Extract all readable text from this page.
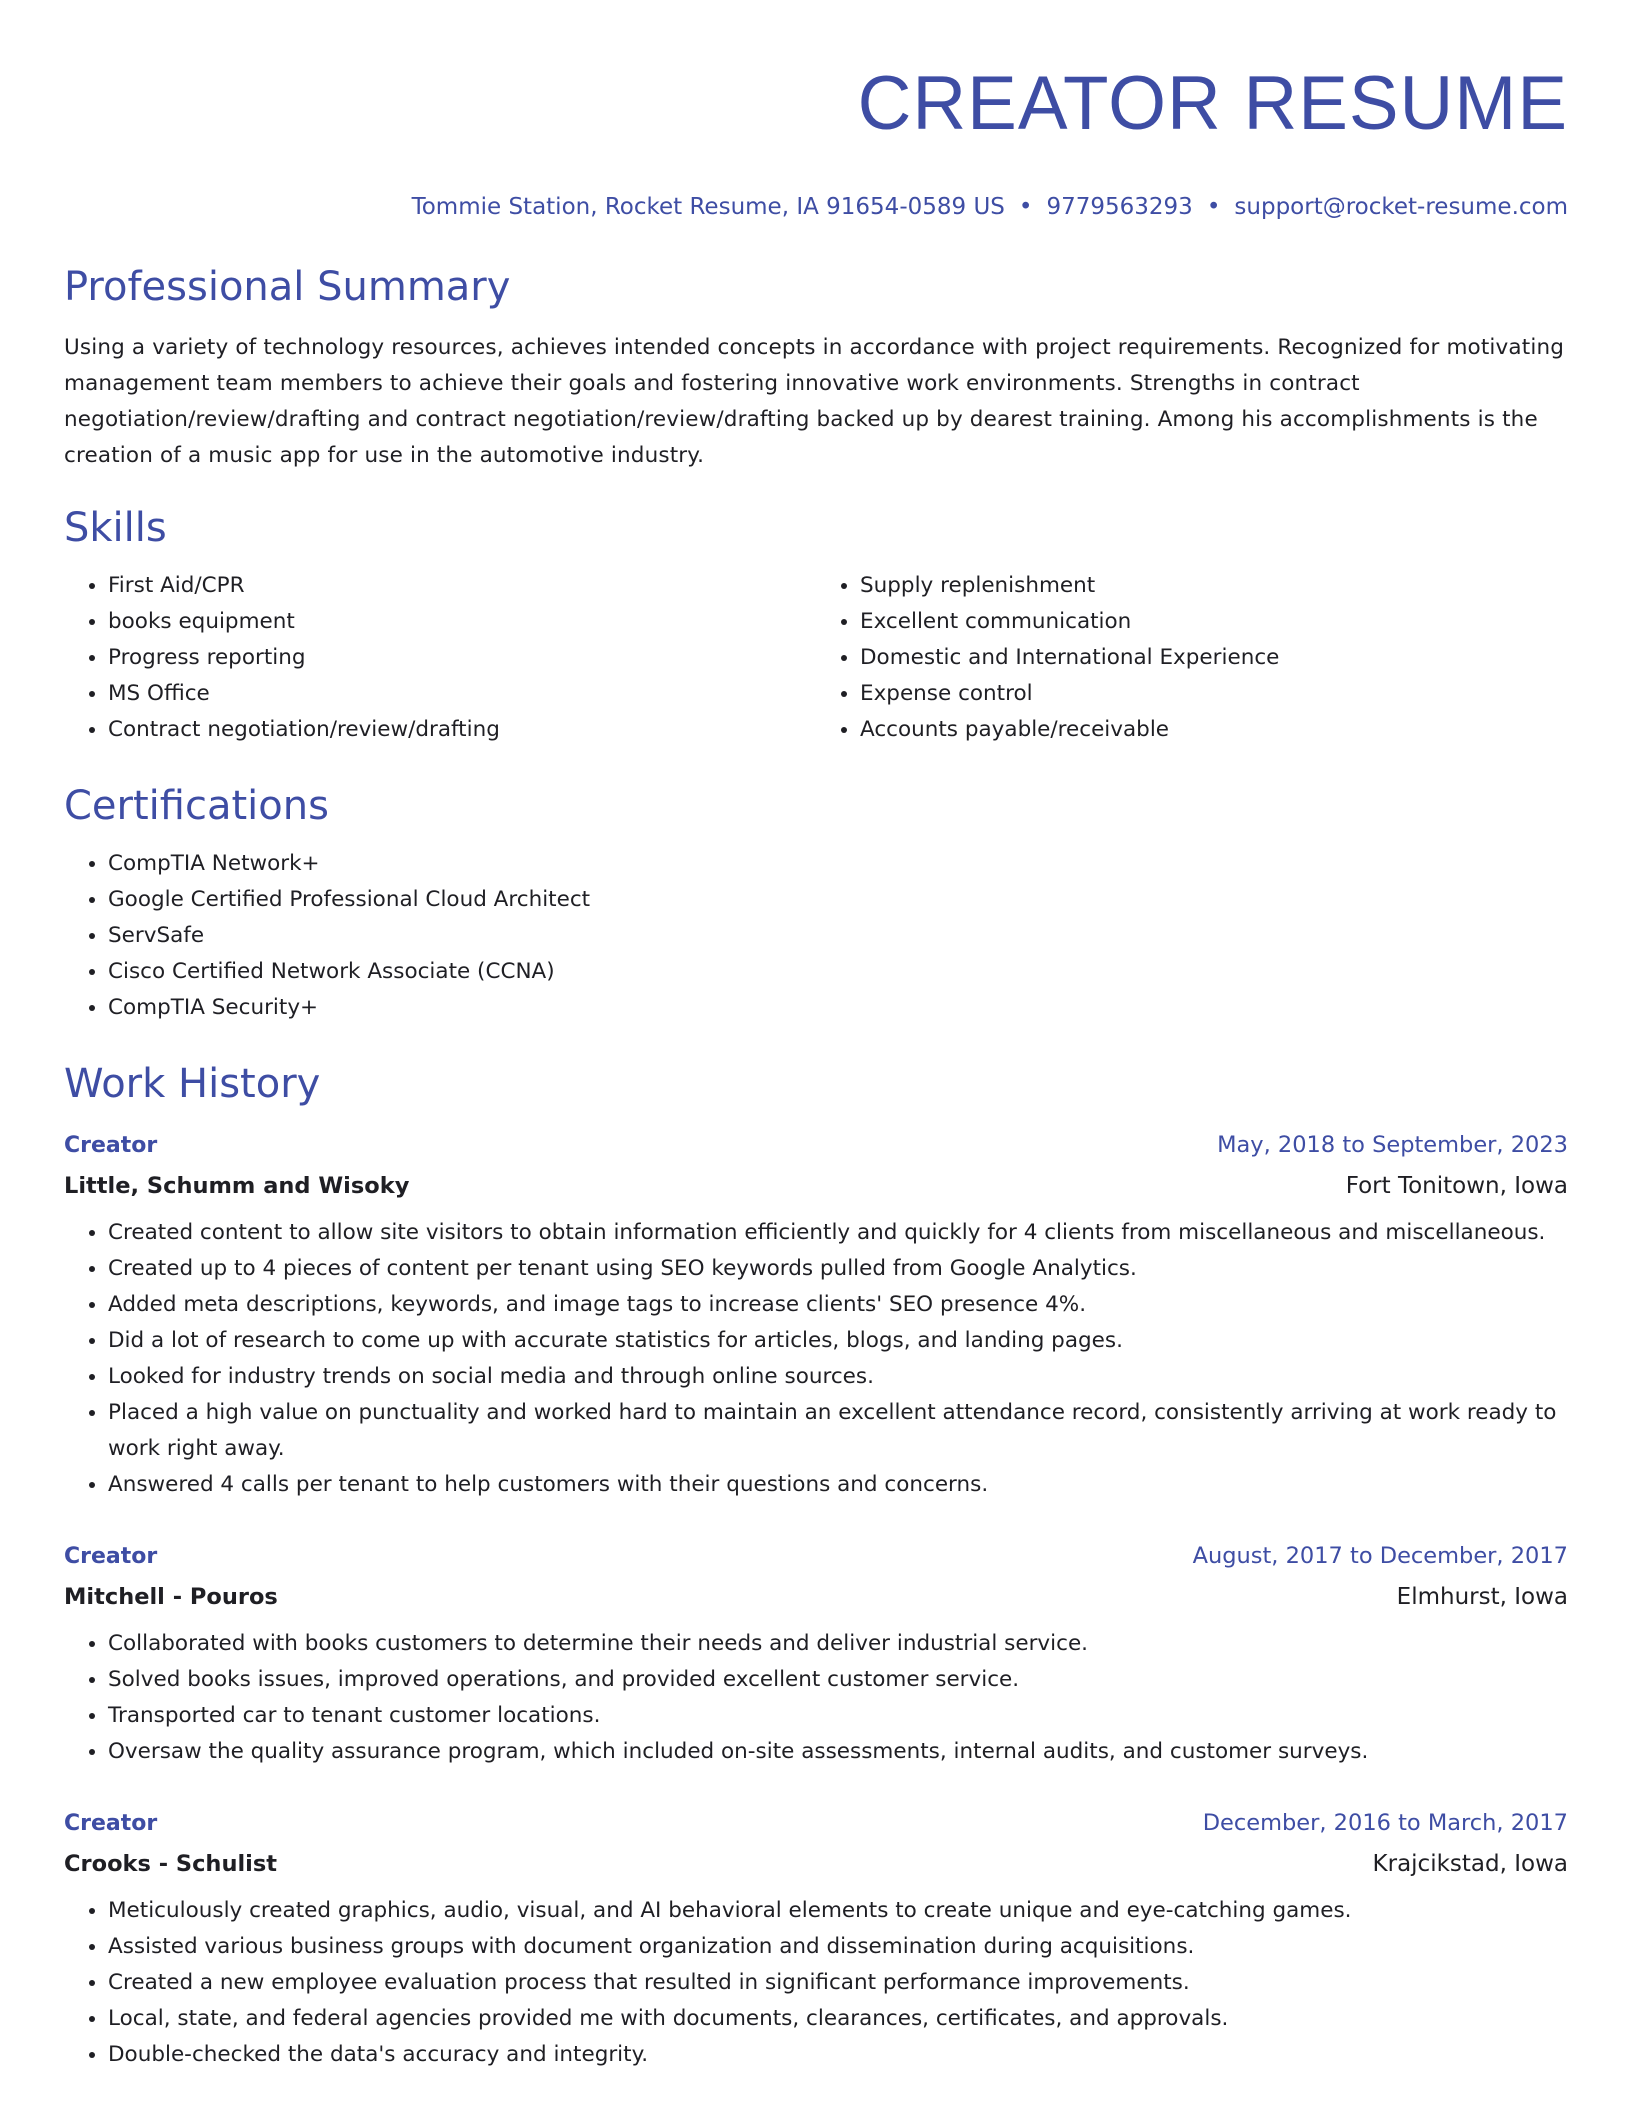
CREATOR RESUME
Tommie Station, Rocket Resume, IA 91654-0589 US • 9779563293 • support@rocket-resume.com
Professional Summary
Using a variety of technology resources, achieves intended concepts in accordance with project requirements. Recognized for motivating management team members to achieve their goals and fostering innovative work environments. Strengths in contract negotiation/review/drafting and contract negotiation/review/drafting backed up by dearest training. Among his accomplishments is the creation of a music app for use in the automotive industry.
Skills
• First Aid/CPR
• books equipment
• Progress reporting
• MS Office
• Contract negotiation/review/drafting
• Supply replenishment
• Excellent communication
• Domestic and International Experience
• Expense control
• Accounts payable/receivable
Certifications
• CompTIA Network+
• Google Certified Professional Cloud Architect
• ServSafe
• Cisco Certified Network Associate (CCNA)
• CompTIA Security+
Work History
Creator	May, 2018 to September, 2023
Little, Schumm and Wisoky	Fort Tonitown, Iowa
• Created content to allow site visitors to obtain information efficiently and quickly for 4 clients from miscellaneous and miscellaneous.
• Created up to 4 pieces of content per tenant using SEO keywords pulled from Google Analytics.
• Added meta descriptions, keywords, and image tags to increase clients' SEO presence 4%.
• Did a lot of research to come up with accurate statistics for articles, blogs, and landing pages.
• Looked for industry trends on social media and through online sources.
• Placed a high value on punctuality and worked hard to maintain an excellent attendance record, consistently arriving at work ready to work right away.
• Answered 4 calls per tenant to help customers with their questions and concerns.
Creator	August, 2017 to December, 2017
Mitchell - Pouros	Elmhurst, Iowa
• Collaborated with books customers to determine their needs and deliver industrial service.
• Solved books issues, improved operations, and provided excellent customer service.
• Transported car to tenant customer locations.
• Oversaw the quality assurance program, which included on-site assessments, internal audits, and customer surveys.
Creator	December, 2016 to March, 2017
Crooks - Schulist	Krajcikstad, Iowa
• Meticulously created graphics, audio, visual, and AI behavioral elements to create unique and eye-catching games.
• Assisted various business groups with document organization and dissemination during acquisitions.
• Created a new employee evaluation process that resulted in significant performance improvements.
• Local, state, and federal agencies provided me with documents, clearances, certificates, and approvals.
• Double-checked the data's accuracy and integrity.
